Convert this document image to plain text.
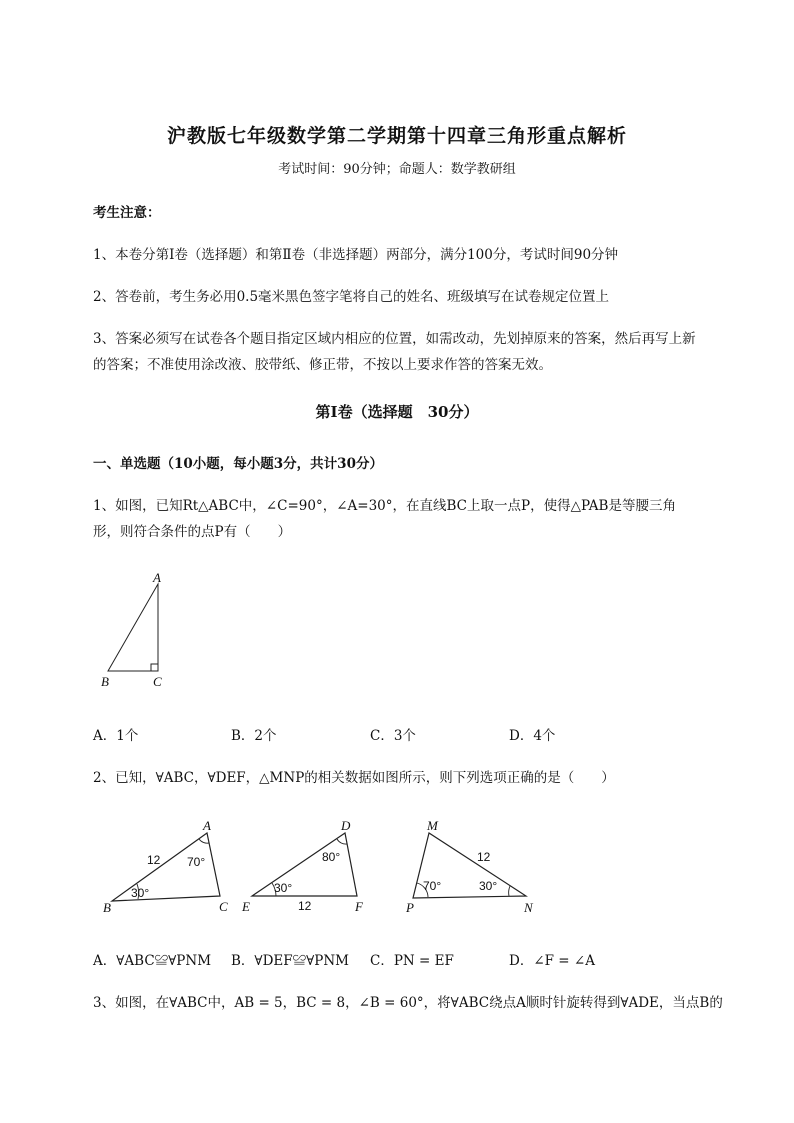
沪教版七年级数学第二学期第十四章三角形重点解析
考试时间：90分钟；命题人：数学教研组
考生注意：
1、本卷分第Ⅰ卷（选择题）和第Ⅱ卷（非选择题）两部分，满分100分，考试时间90分钟
2、答卷前，考生务必用0.5毫米黑色签字笔将自己的姓名、班级填写在试卷规定位置上
3、答案必须写在试卷各个题目指定区域内相应的位置，如需改动，先划掉原来的答案，然后再写上新
的答案；不准使用涂改液、胶带纸、修正带，不按以上要求作答的答案无效。
第Ⅰ卷（选择题　30分）
一、单选题（10小题，每小题3分，共计30分）
1、如图，已知Rt△ABC中，∠C=90°，∠A=30°，在直线BC上取一点P，使得△PAB是等腰三角
形，则符合条件的点P有（　　）
A
B	C
A．1个	B．2个	C．3个	D．4个
2、已知，∀ABC，∀DEF，△MNP的相关数据如图所示，则下列选项正确的是（　　）
A
B	C
12 70°
30°
D
E	F
80°
30°
12
M
P	N
12
70°	30°
A．∀ABC≌∀PNM B．∀DEF≌∀PNM C．PN = EF	D．∠F = ∠A
3、如图，在∀ABC中，AB = 5，BC = 8，∠B = 60°，将∀ABC绕点A顺时针旋转得到∀ADE，当点B的
